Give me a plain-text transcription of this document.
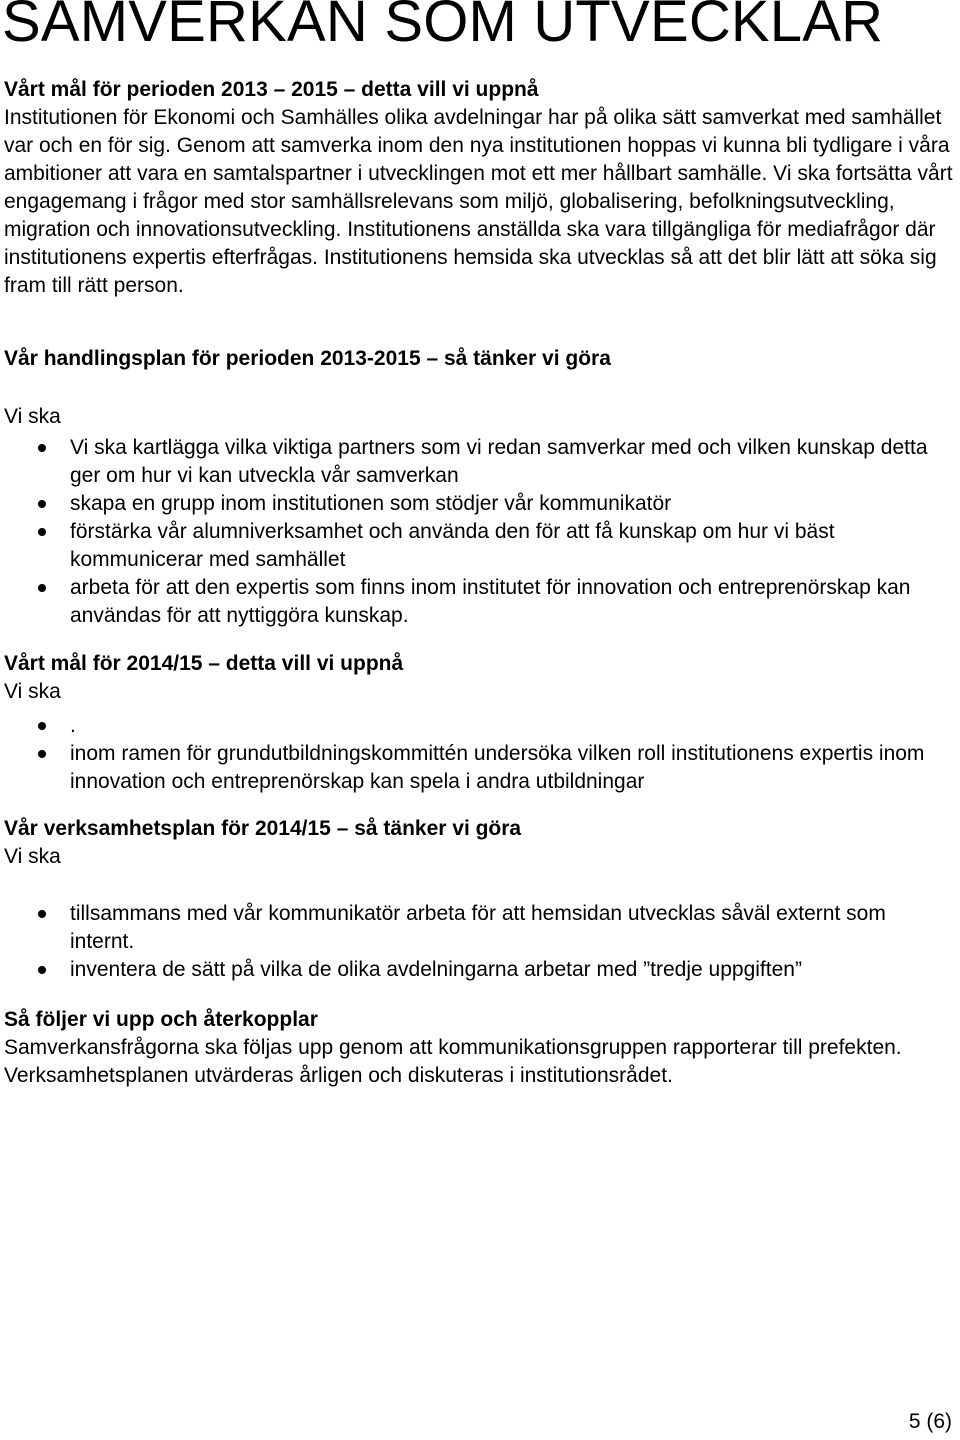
SAMVERKAN SOM UTVECKLAR

Vårt mål för perioden 2013 – 2015 – detta vill vi uppnå

Institutionen för Ekonomi och Samhälles olika avdelningar har på olika sätt samverkat med samhället var och en för sig. Genom att samverka inom den nya institutionen hoppas vi kunna bli tydligare i våra ambitioner att vara en samtalspartner i utvecklingen mot ett mer hållbart samhälle. Vi ska fortsätta vårt engagemang i frågor med stor samhällsrelevans som miljö, globalisering, befolkningsutveckling, migration och innovationsutveckling. Institutionens anställda ska vara tillgängliga för mediafrågor där institutionens expertis efterfrågas. Institutionens hemsida ska utvecklas så att det blir lätt att söka sig fram till rätt person.

Vår handlingsplan för perioden 2013-2015 – så tänker vi göra

Vi ska

Vi ska kartlägga vilka viktiga partners som vi redan samverkar med och vilken kunskap detta ger om hur vi kan utveckla vår samverkan
skapa en grupp inom institutionen som stödjer vår kommunikatör
förstärka vår alumniverksamhet och använda den för att få kunskap om hur vi bäst kommunicerar med samhället
arbeta för att den expertis som finns inom institutet för innovation och entreprenörskap kan användas för att nyttiggöra kunskap.

Vårt mål för 2014/15 – detta vill vi uppnå

Vi ska

.
inom ramen för grundutbildningskommittén undersöka vilken roll institutionens expertis inom innovation och entreprenörskap kan spela i andra utbildningar

Vår verksamhetsplan för 2014/15 – så tänker vi göra

Vi ska

tillsammans med vår kommunikatör arbeta för att hemsidan utvecklas såväl externt som internt.
inventera de sätt på vilka de olika avdelningarna arbetar med ”tredje uppgiften”

Så följer vi upp och återkopplar

Samverkansfrågorna ska följas upp genom att kommunikationsgruppen rapporterar till prefekten. Verksamhetsplanen utvärderas årligen och diskuteras i institutionsrådet.

5 (6)
